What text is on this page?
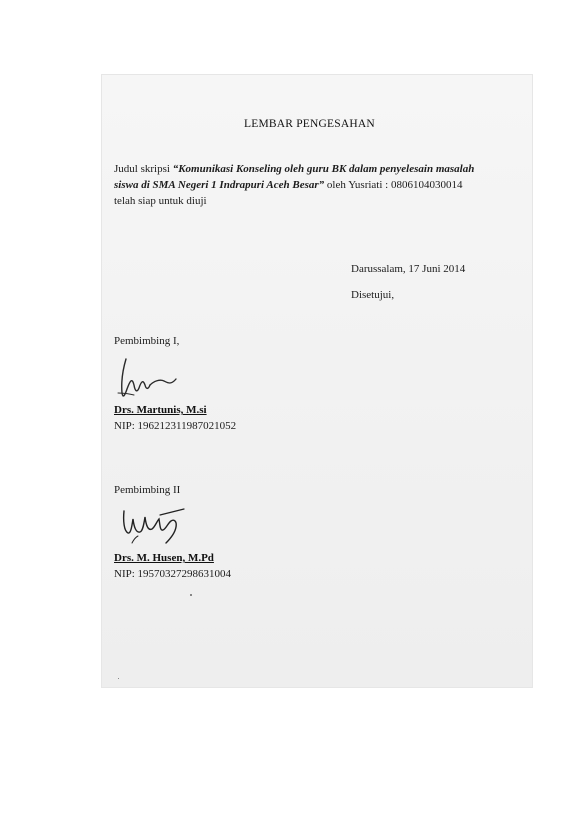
LEMBAR PENGESAHAN
Judul skripsi “Komunikasi Konseling oleh guru BK dalam penyelesain masalah
siswa di SMA Negeri 1 Indrapuri Aceh Besar” oleh Yusriati : 0806104030014
telah siap untuk diuji
Darussalam, 17 Juni 2014
Disetujui,
Pembimbing I,
Drs. Martunis, M.si
NIP: 196212311987021052
Pembimbing II
Drs. M. Husen, M.Pd
NIP: 19570327298631004
